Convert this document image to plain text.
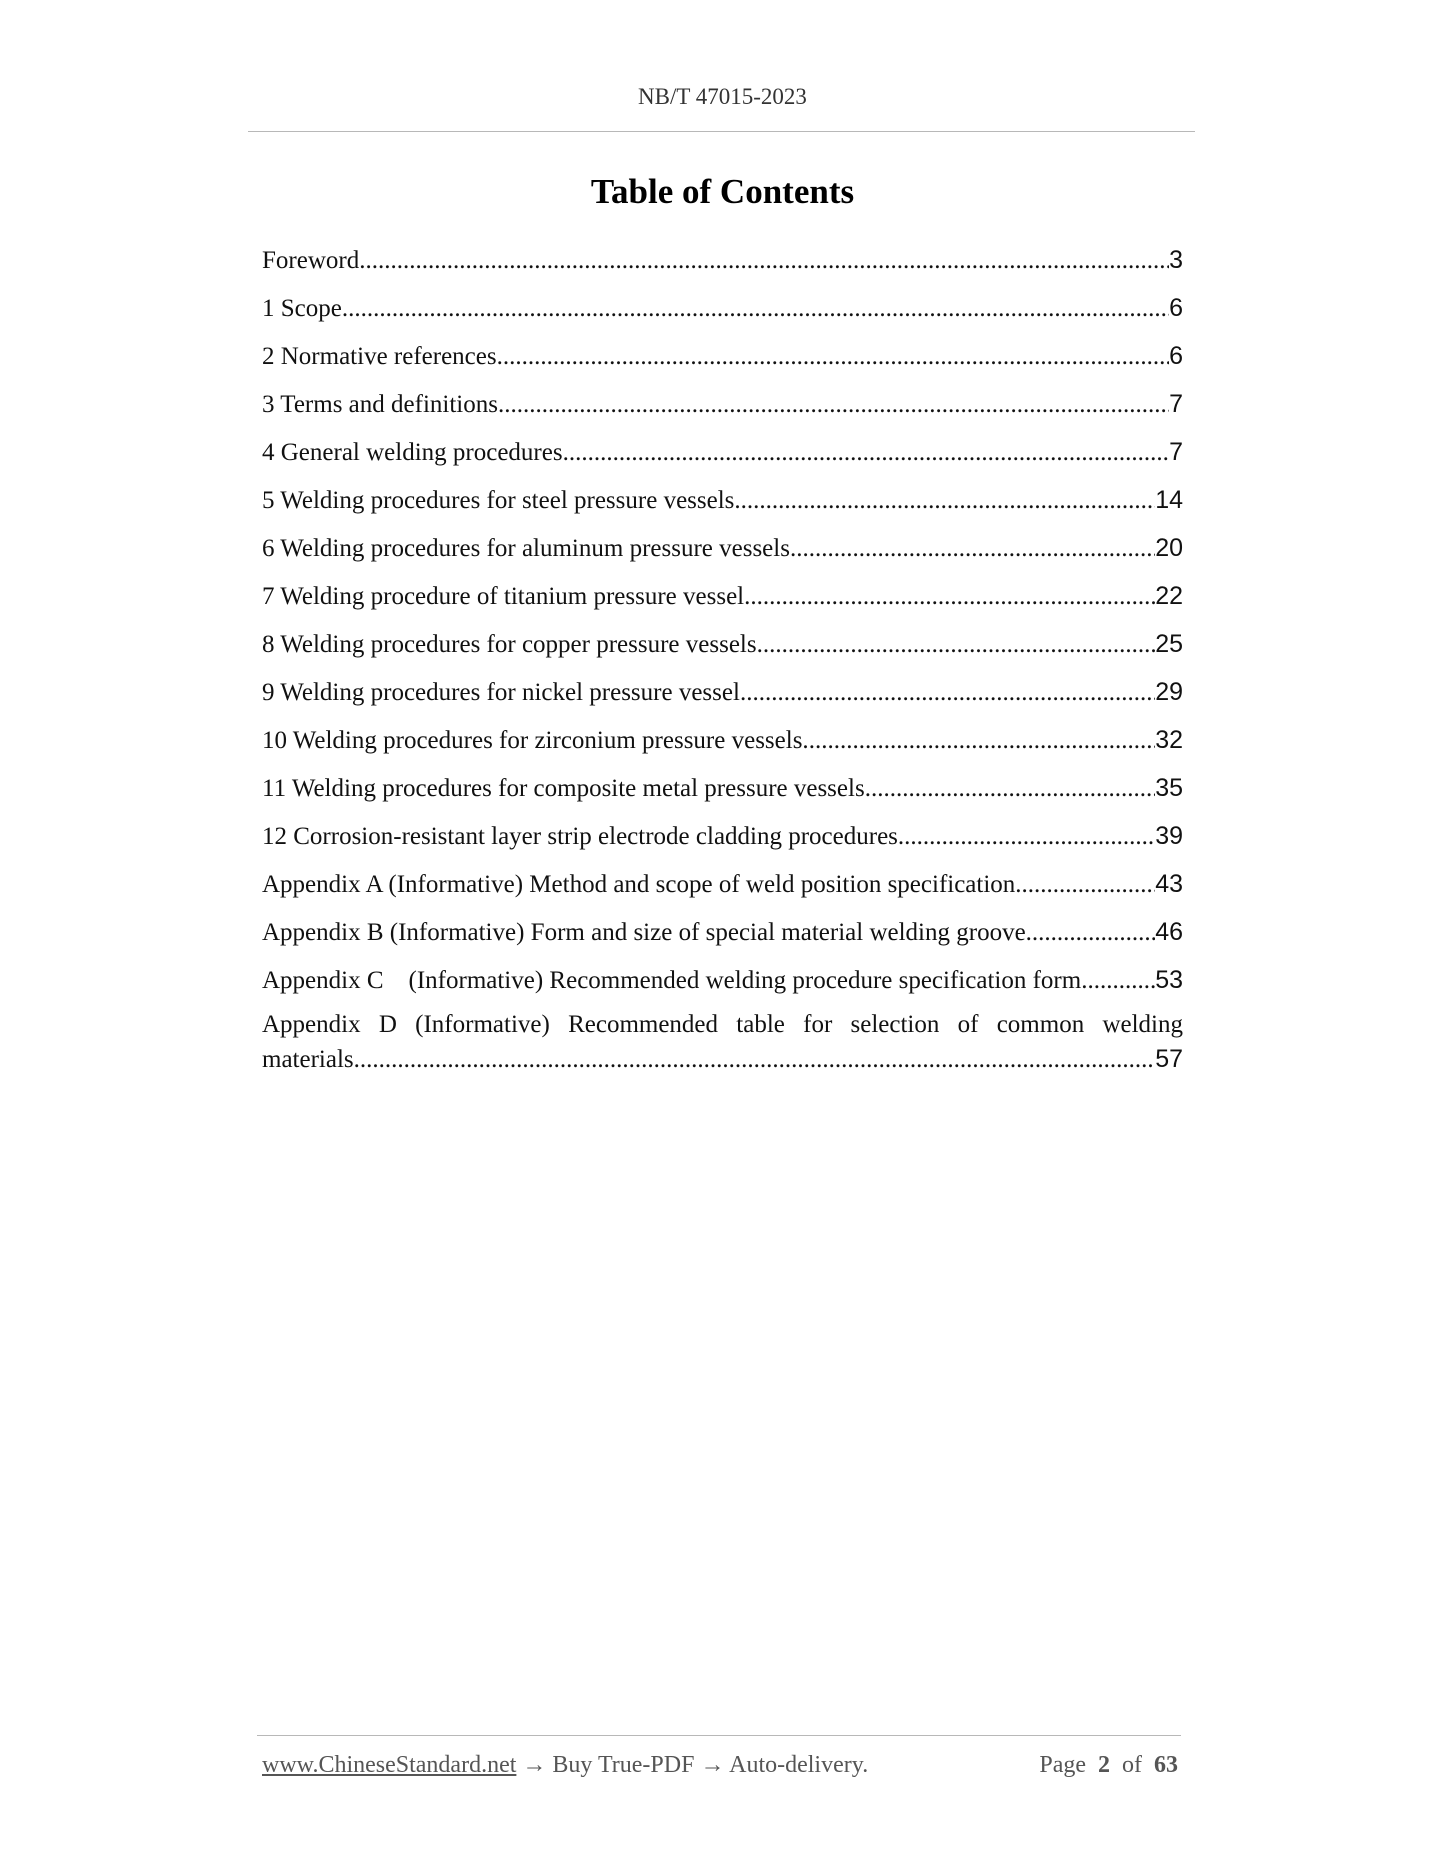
NB/T 47015-2023
Table of Contents
Foreword .....	3
1 Scope .....	6
2 Normative references .....	6
3 Terms and definitions .....	7
4 General welding procedures .....	7
5 Welding procedures for steel pressure vessels .....	14
6 Welding procedures for aluminum pressure vessels .....	20
7 Welding procedure of titanium pressure vessel .....	22
8 Welding procedures for copper pressure vessels .....	25
9 Welding procedures for nickel pressure vessel .....	29
10 Welding procedures for zirconium pressure vessels. .....	32
11 Welding procedures for composite metal pressure vessels .....	35
12 Corrosion-resistant layer strip electrode cladding procedures .....	39
Appendix A (Informative) Method and scope of weld position specification .....	43
Appendix B (Informative) Form and size of special material welding groove .....	46
Appendix C    (Informative) Recommended welding procedure specification form .....	53
Appendix D (Informative) Recommended table for selection of common welding
materials .....	57
www.ChineseStandard.net → Buy True-PDF → Auto-delivery.	Page 2 of 63
